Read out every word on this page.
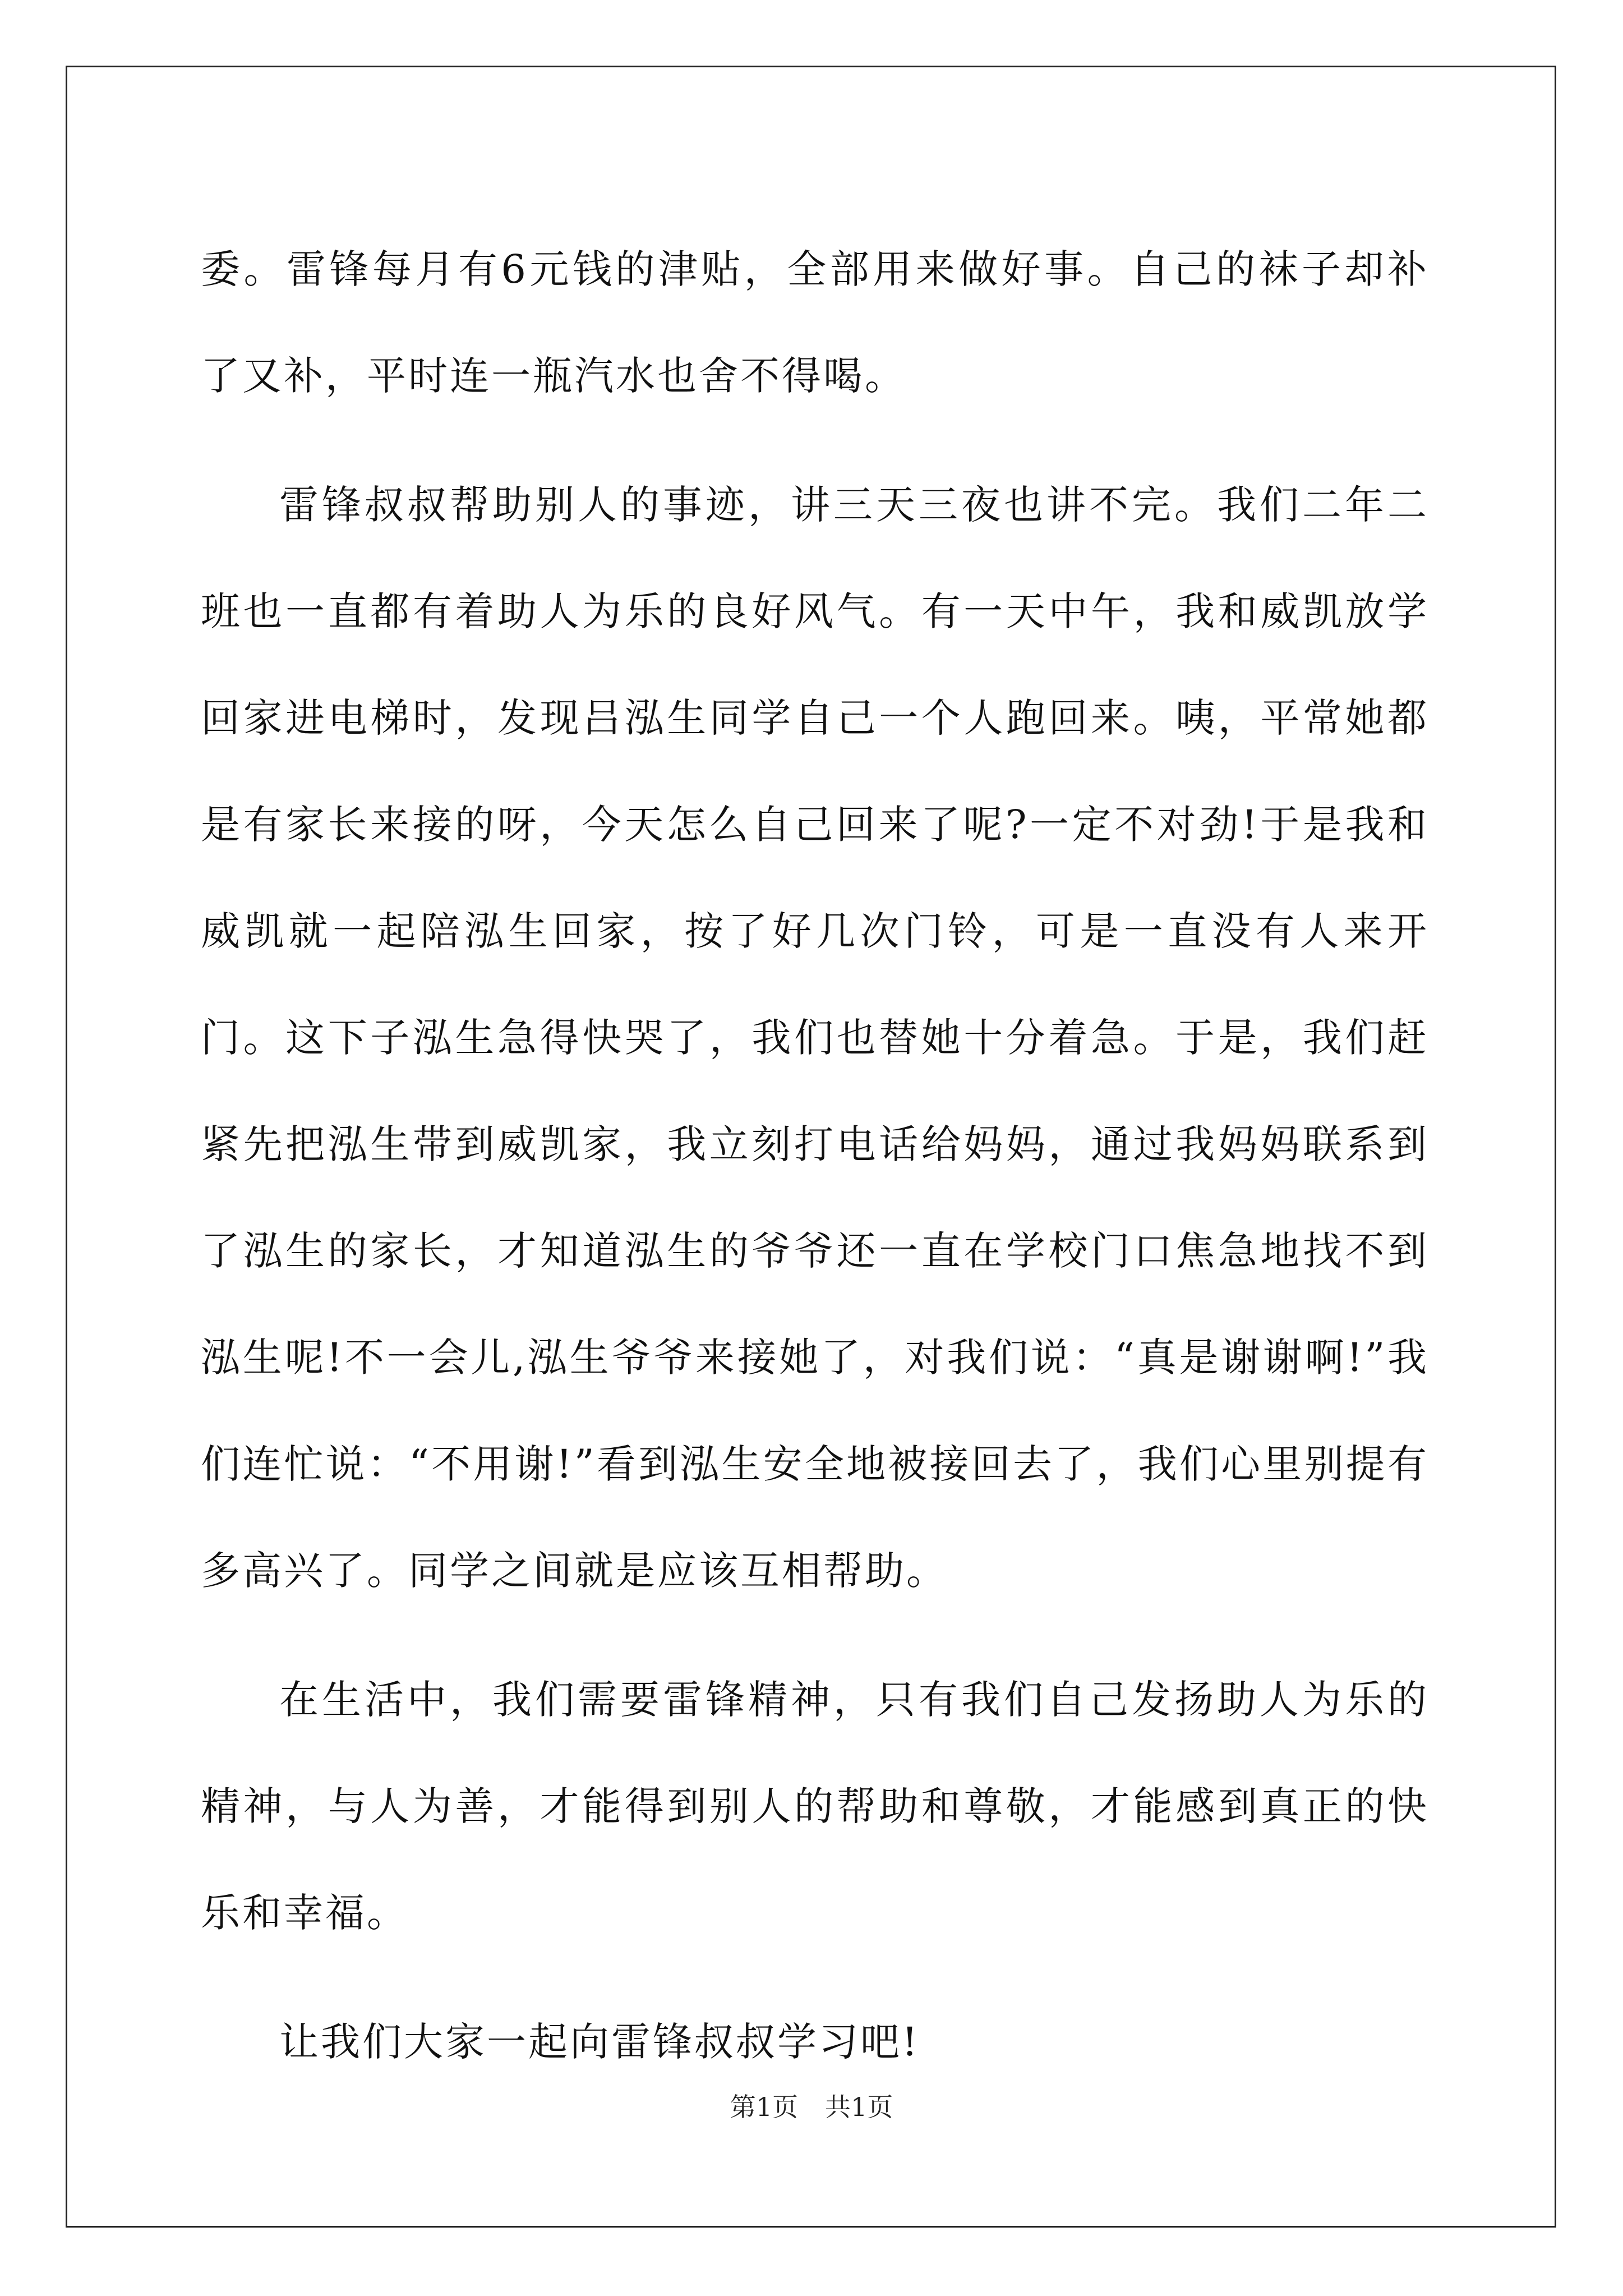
委。雷锋每月有6元钱的津贴，全部用来做好事。自己的袜子却补了又补，平时连一瓶汽水也舍不得喝。

雷锋叔叔帮助别人的事迹，讲三天三夜也讲不完。我们二年二班也一直都有着助人为乐的良好风气。有一天中午，我和威凯放学回家进电梯时，发现吕泓生同学自己一个人跑回来。咦，平常她都是有家长来接的呀，今天怎么自己回来了呢?一定不对劲!于是我和威凯就一起陪泓生回家，按了好几次门铃，可是一直没有人来开门。这下子泓生急得快哭了，我们也替她十分着急。于是，我们赶紧先把泓生带到威凯家，我立刻打电话给妈妈，通过我妈妈联系到了泓生的家长，才知道泓生的爷爷还一直在学校门口焦急地找不到泓生呢!不一会儿,泓生爷爷来接她了，对我们说：“真是谢谢啊!”我们连忙说：“不用谢!”看到泓生安全地被接回去了，我们心里别提有多高兴了。同学之间就是应该互相帮助。

在生活中，我们需要雷锋精神，只有我们自己发扬助人为乐的精神，与人为善，才能得到别人的帮助和尊敬，才能感到真正的快乐和幸福。

让我们大家一起向雷锋叔叔学习吧!

第1页 共1页
